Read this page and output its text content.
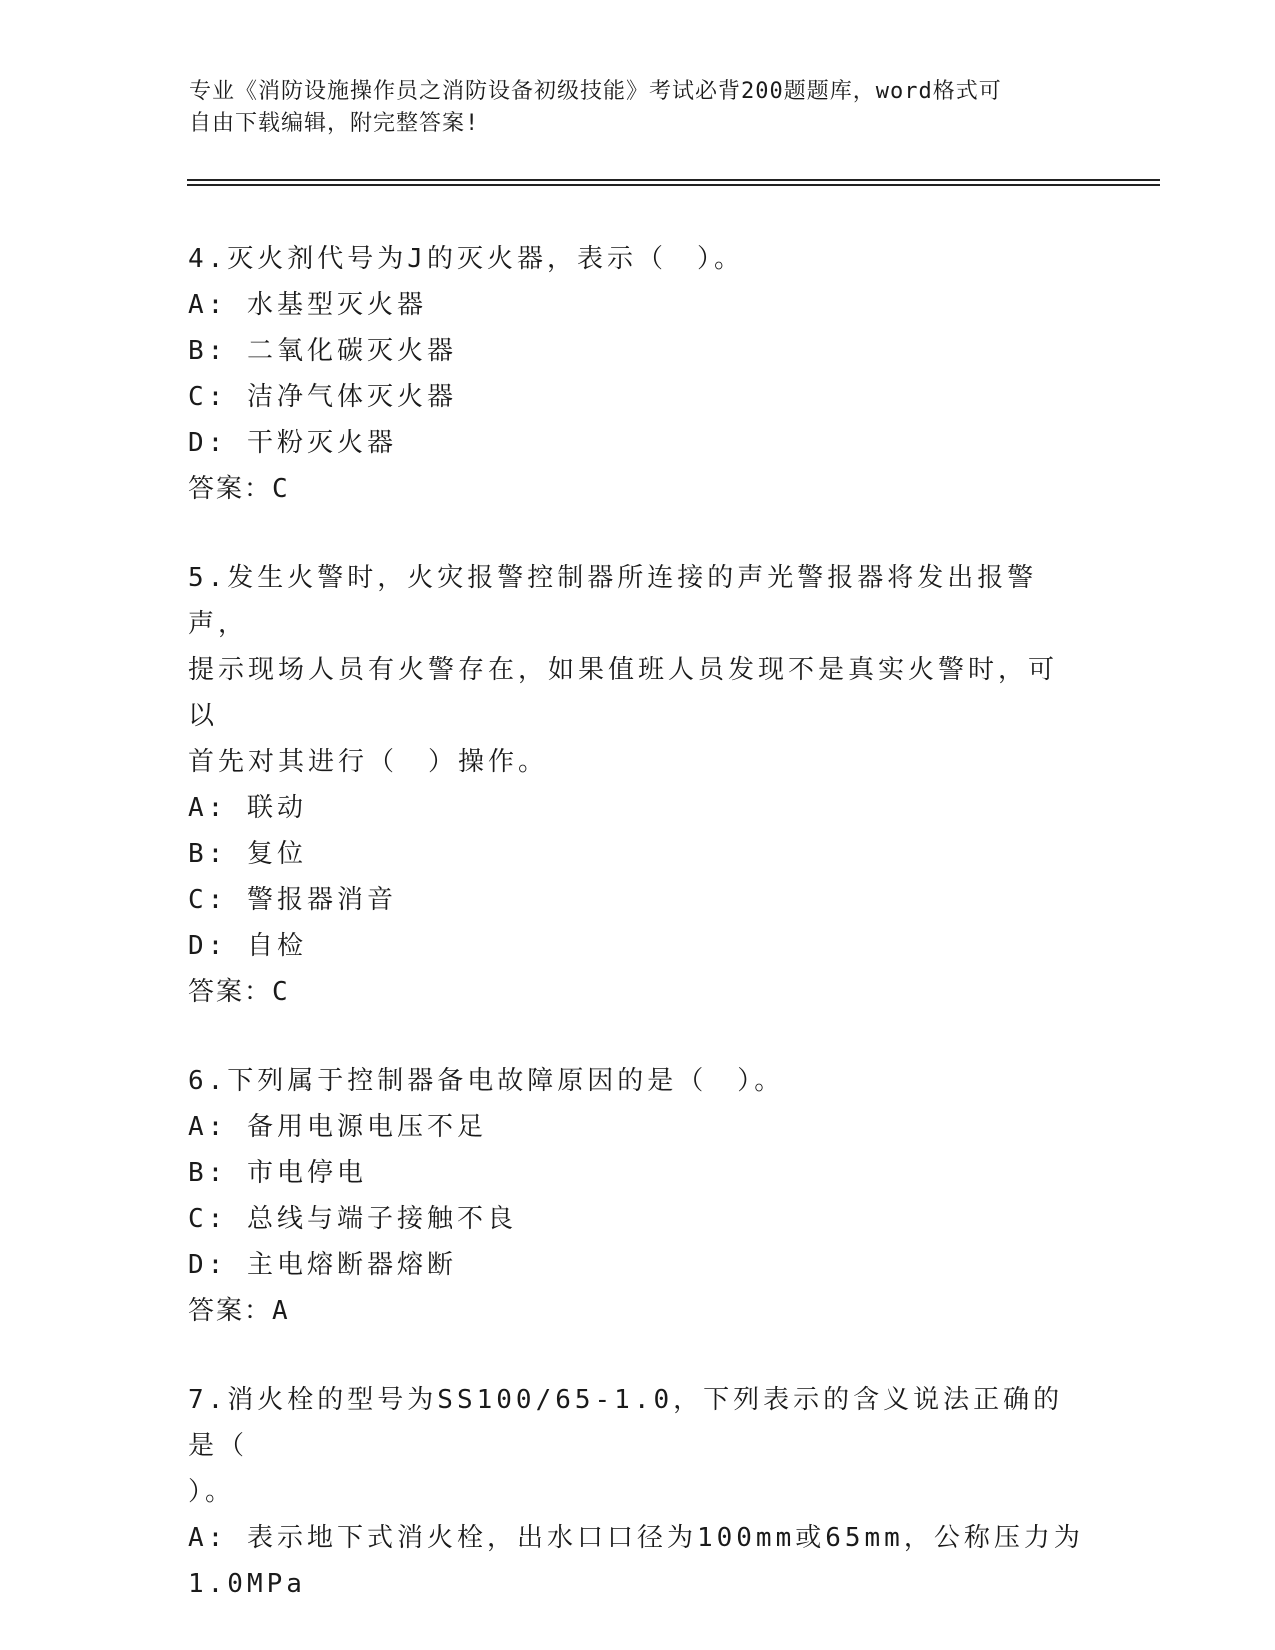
专业《消防设施操作员之消防设备初级技能》考试必背200题题库，word格式可
自由下载编辑，附完整答案!
4.灭火剂代号为J的灭火器，表示（　）。
A: 水基型灭火器
B: 二氧化碳灭火器
C: 洁净气体灭火器
D: 干粉灭火器
答案：C
5.发生火警时，火灾报警控制器所连接的声光警报器将发出报警声，
提示现场人员有火警存在，如果值班人员发现不是真实火警时，可以
首先对其进行（　）操作。
A: 联动
B: 复位
C: 警报器消音
D: 自检
答案：C
6.下列属于控制器备电故障原因的是（　）。
A: 备用电源电压不足
B: 市电停电
C: 总线与端子接触不良
D: 主电熔断器熔断
答案：A
7.消火栓的型号为SS100/65-1.0，下列表示的含义说法正确的是（
）。
A: 表示地下式消火栓，出水口口径为100mm或65mm，公称压力为
1.0MPa
